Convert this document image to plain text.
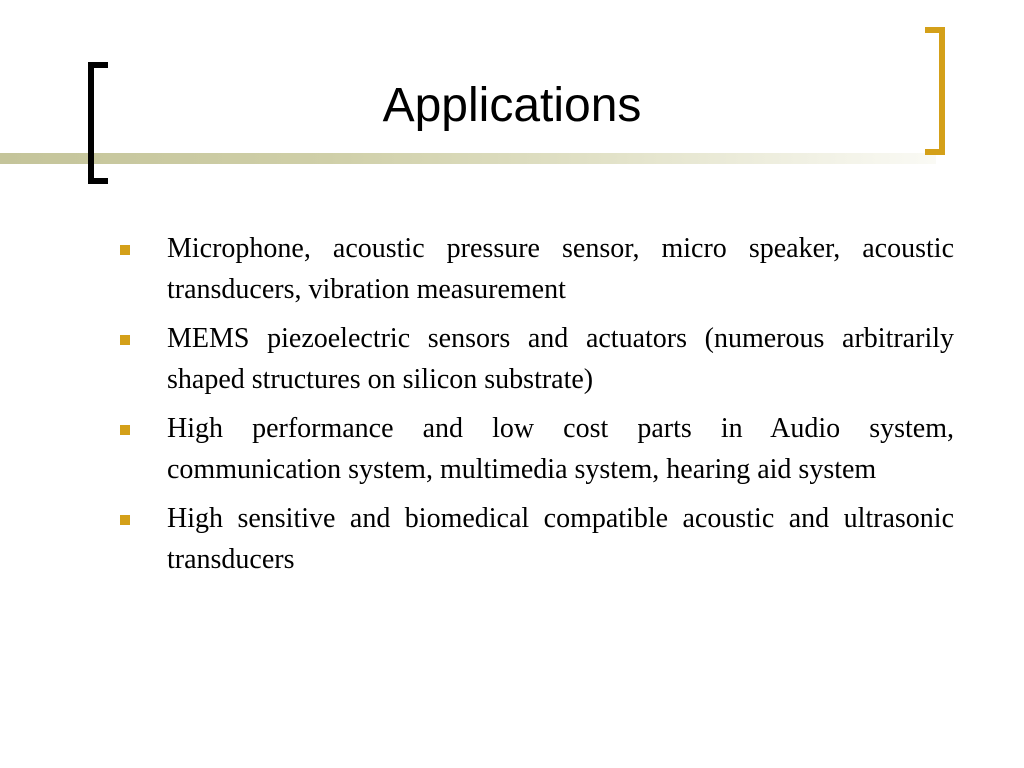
Applications
Microphone, acoustic pressure sensor, micro speaker, acoustic transducers, vibration measurement
MEMS piezoelectric sensors and actuators (numerous arbitrarily shaped structures on silicon substrate)
High performance and low cost parts in Audio system, communication system, multimedia system, hearing aid system
High sensitive and biomedical compatible acoustic and ultrasonic transducers
